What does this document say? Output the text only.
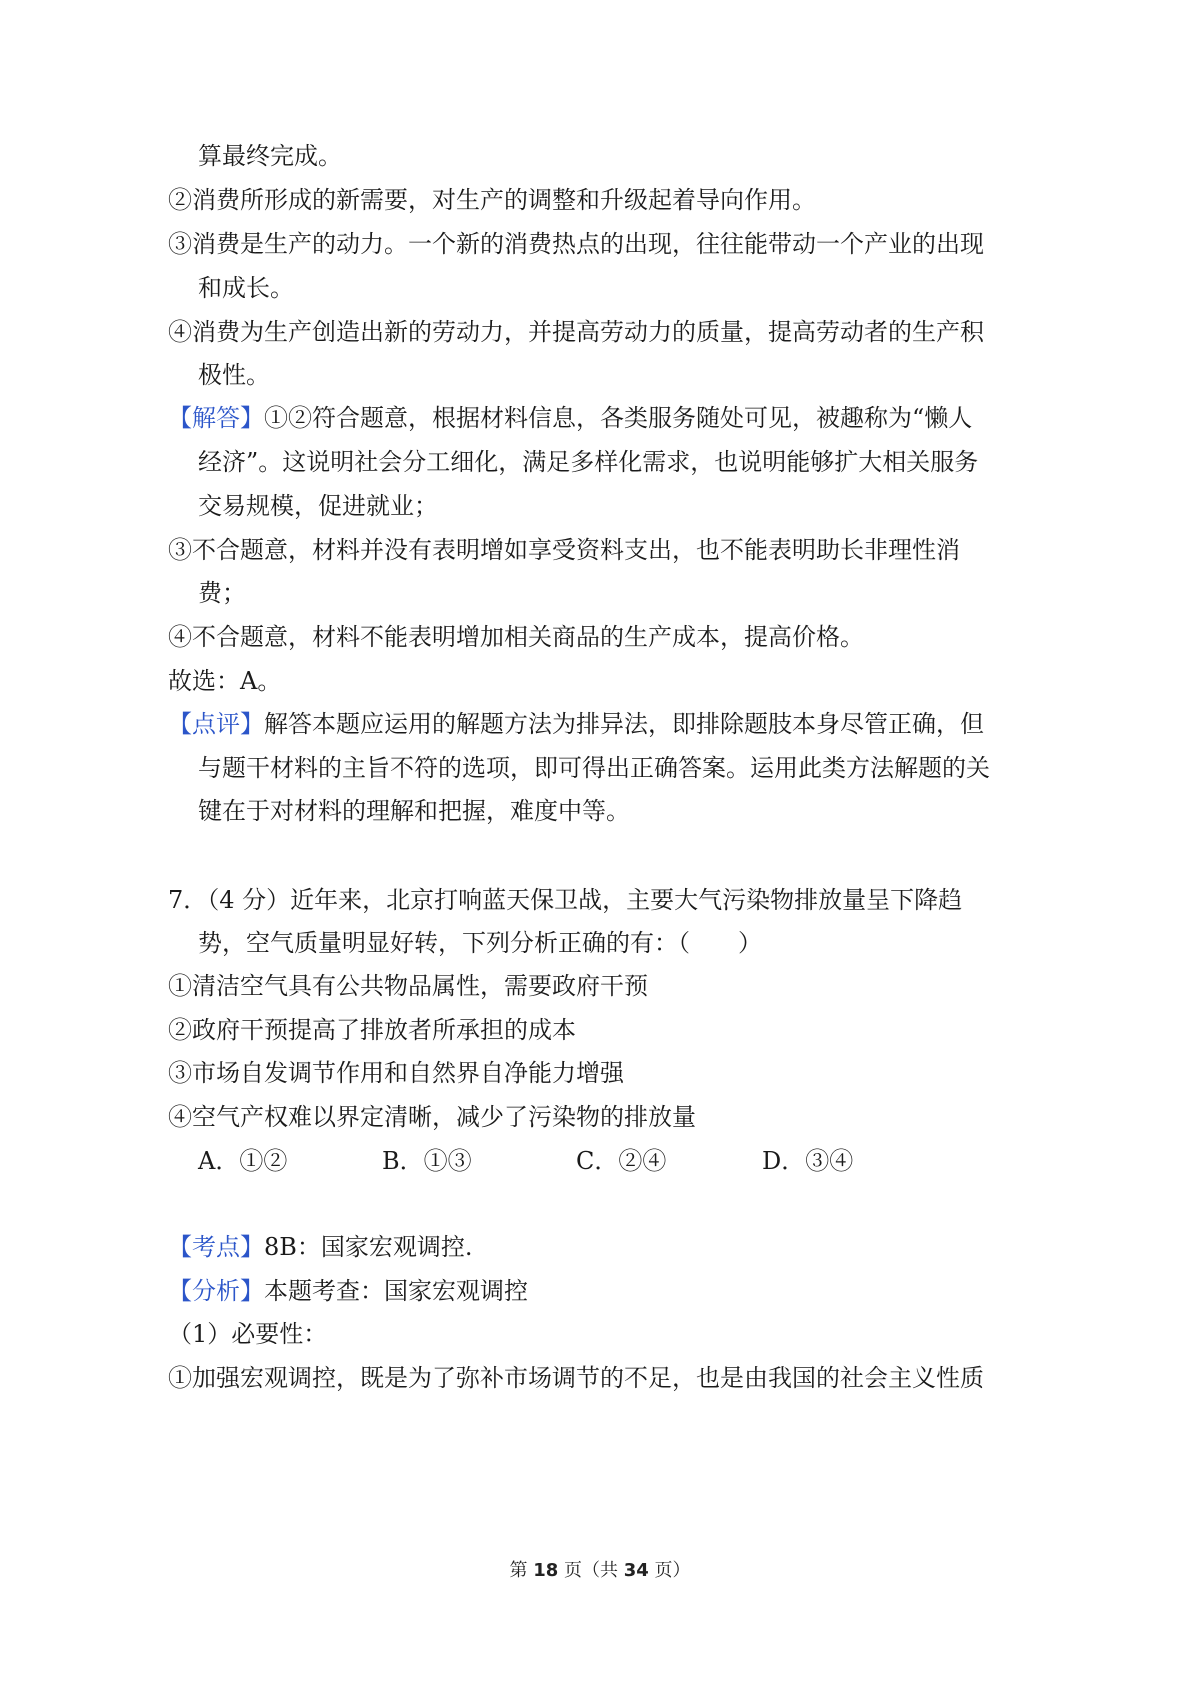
算最终完成。
②消费所形成的新需要，对生产的调整和升级起着导向作用。
③消费是生产的动力。一个新的消费热点的出现，往往能带动一个产业的出现
和成长。
④消费为生产创造出新的劳动力，并提高劳动力的质量，提高劳动者的生产积
极性。
【解答】①②符合题意，根据材料信息，各类服务随处可见，被趣称为“懒人
经济”。这说明社会分工细化，满足多样化需求，也说明能够扩大相关服务
交易规模，促进就业；
③不合题意，材料并没有表明增如享受资料支出，也不能表明助长非理性消
费；
④不合题意，材料不能表明增加相关商品的生产成本，提高价格。
故选：A。
【点评】解答本题应运用的解题方法为排异法，即排除题肢本身尽管正确，但
与题干材料的主旨不符的选项，即可得出正确答案。运用此类方法解题的关
键在于对材料的理解和把握，难度中等。
7．（4 分）近年来，北京打响蓝天保卫战，主要大气污染物排放量呈下降趋
势，空气质量明显好转，下列分析正确的有：（　　）
①清洁空气具有公共物品属性，需要政府干预
②政府干预提高了排放者所承担的成本
③市场自发调节作用和自然界自净能力增强
④空气产权难以界定清晰，减少了污染物的排放量
A．①②	B．①③	C．②④	D．③④
【考点】8B：国家宏观调控.
【分析】本题考查：国家宏观调控
（1）必要性：
①加强宏观调控，既是为了弥补市场调节的不足，也是由我国的社会主义性质
第 18 页（共 34 页）
